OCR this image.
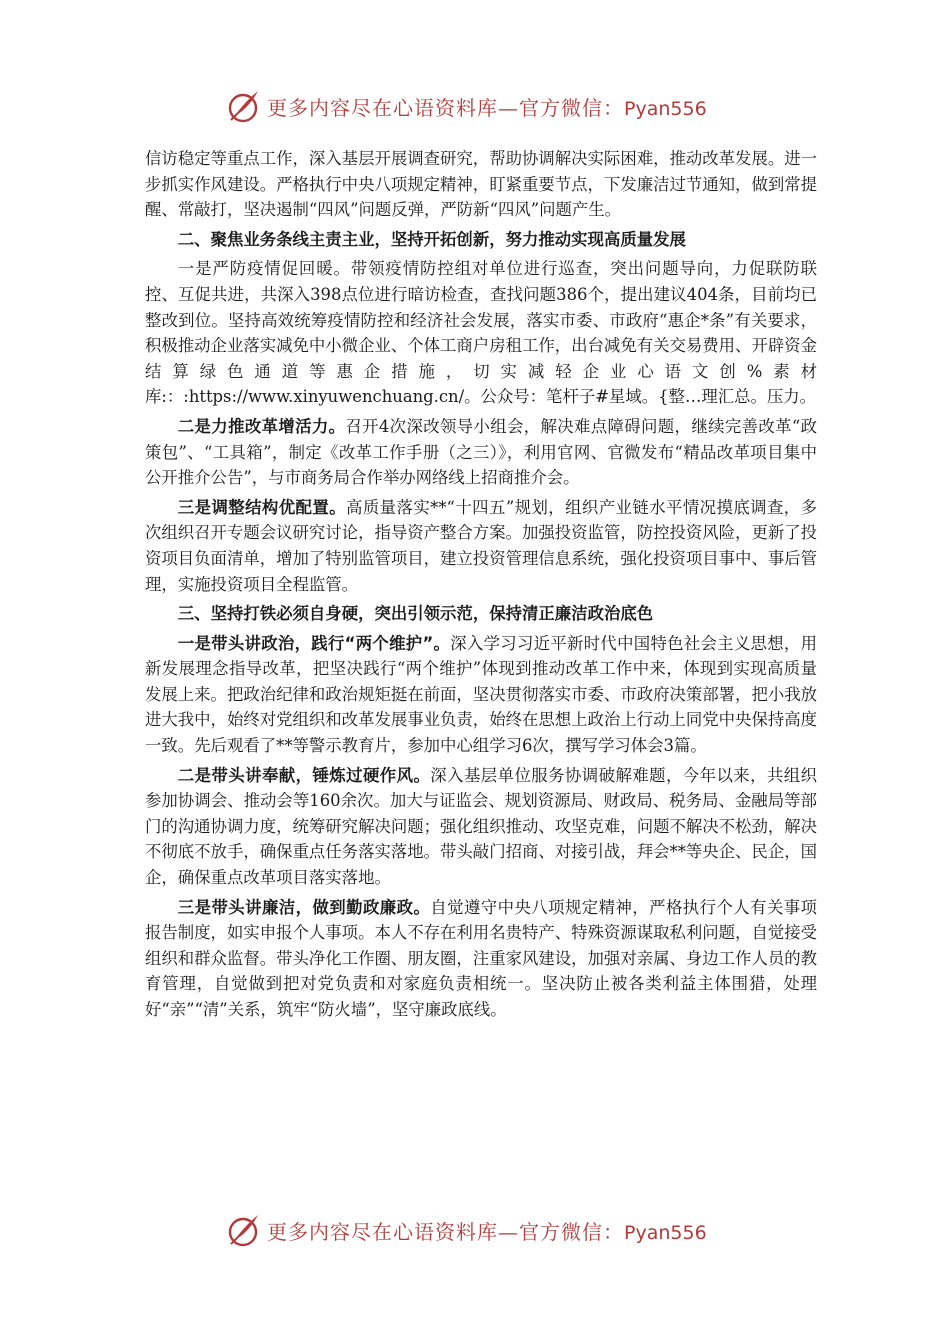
更多内容尽在心语资料库—官方微信：Pyan556

信访稳定等重点工作，深入基层开展调查研究，帮助协调解决实际困难，推动改革发展。进一步抓实作风建设。严格执行中央八项规定精神，盯紧重要节点，下发廉洁过节通知，做到常提醒、常敲打，坚决遏制“四风”问题反弹，严防新“四风”问题产生。

二、聚焦业务条线主责主业，坚持开拓创新，努力推动实现高质量发展

一是严防疫情促回暖。带领疫情防控组对单位进行巡查，突出问题导向，力促联防联控、互促共进，共深入398点位进行暗访检查，查找问题386个，提出建议404条，目前均已整改到位。坚持高效统筹疫情防控和经济社会发展，落实市委、市政府“惠企*条”有关要求，积极推动企业落实减免中小微企业、个体工商户房租工作，出台减免有关交易费用、开辟资金结算绿色通道等惠企措施，切实减轻企业心语文创%素材库:：:https://www.xinyuwenchuang.cn/。公众号：笔杆子#星域。{整…理汇总。压力。

二是力推改革增活力。召开4次深改领导小组会，解决难点障碍问题，继续完善改革“政策包”、“工具箱”，制定《改革工作手册（之三）》，利用官网、官微发布“精品改革项目集中公开推介公告”，与市商务局合作举办网络线上招商推介会。

三是调整结构优配置。高质量落实**“十四五”规划，组织产业链水平情况摸底调查，多次组织召开专题会议研究讨论，指导资产整合方案。加强投资监管，防控投资风险，更新了投资项目负面清单，增加了特别监管项目，建立投资管理信息系统，强化投资项目事中、事后管理，实施投资项目全程监管。

三、坚持打铁必须自身硬，突出引领示范，保持清正廉洁政治底色

一是带头讲政治，践行“两个维护”。深入学习习近平新时代中国特色社会主义思想，用新发展理念指导改革，把坚决践行“两个维护”体现到推动改革工作中来，体现到实现高质量发展上来。把政治纪律和政治规矩挺在前面，坚决贯彻落实市委、市政府决策部署，把小我放进大我中，始终对党组织和改革发展事业负责，始终在思想上政治上行动上同党中央保持高度一致。先后观看了**等警示教育片，参加中心组学习6次，撰写学习体会3篇。

二是带头讲奉献，锤炼过硬作风。深入基层单位服务协调破解难题，今年以来，共组织参加协调会、推动会等160余次。加大与证监会、规划资源局、财政局、税务局、金融局等部门的沟通协调力度，统筹研究解决问题；强化组织推动、攻坚克难，问题不解决不松劲，解决不彻底不放手，确保重点任务落实落地。带头敲门招商、对接引战，拜会**等央企、民企，国企，确保重点改革项目落实落地。

三是带头讲廉洁，做到勤政廉政。自觉遵守中央八项规定精神，严格执行个人有关事项报告制度，如实申报个人事项。本人不存在利用名贵特产、特殊资源谋取私利问题，自觉接受组织和群众监督。带头净化工作圈、朋友圈，注重家风建设，加强对亲属、身边工作人员的教育管理，自觉做到把对党负责和对家庭负责相统一。坚决防止被各类利益主体围猎，处理好“亲”“清”关系，筑牢“防火墙”，坚守廉政底线。

更多内容尽在心语资料库—官方微信：Pyan556
